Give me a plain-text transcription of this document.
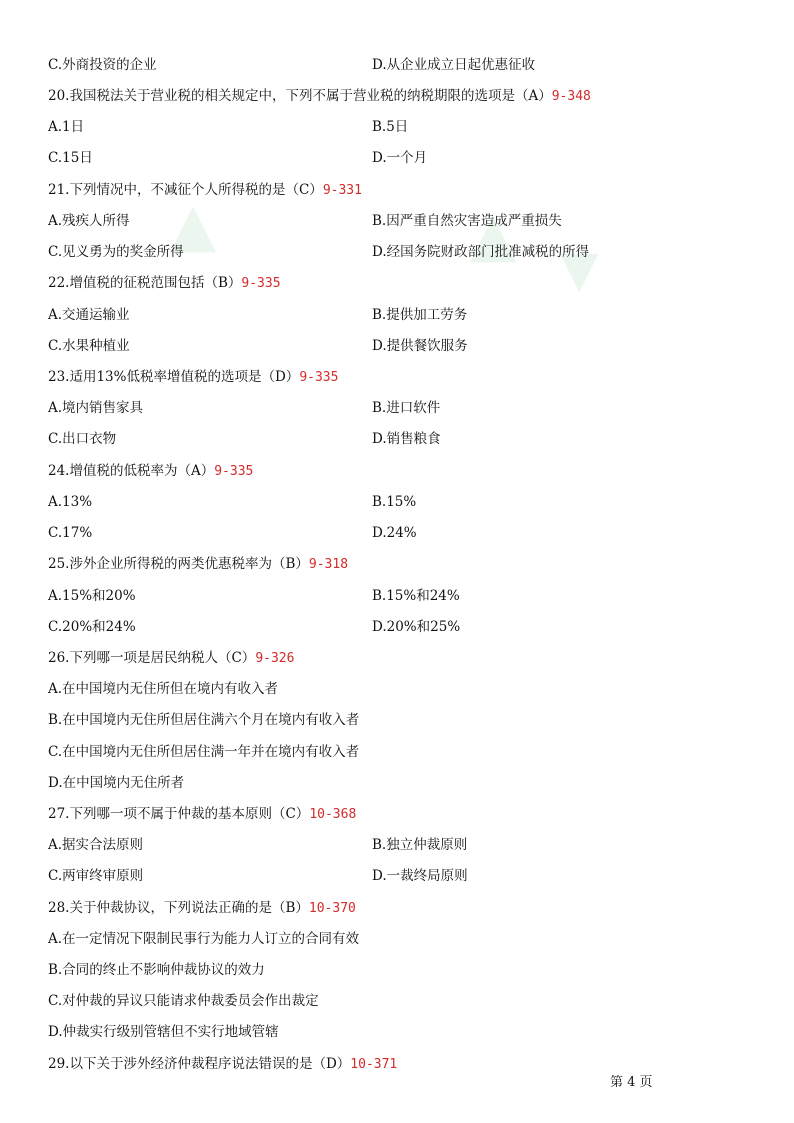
▲	▲ ▼
C.外商投资的企业	D.从企业成立日起优惠征收
20.我国税法关于营业税的相关规定中，下列不属于营业税的纳税期限的选项是（A）9-348
A.1日	B.5日
C.15日	D.一个月
21.下列情况中，不减征个人所得税的是（C）9-331
A.残疾人所得	B.因严重自然灾害造成严重损失
C.见义勇为的奖金所得	D.经国务院财政部门批准减税的所得
22.增值税的征税范围包括（B）9-335
A.交通运输业	B.提供加工劳务
C.水果种植业	D.提供餐饮服务
23.适用13%低税率增值税的选项是（D）9-335
A.境内销售家具	B.进口软件
C.出口衣物	D.销售粮食
24.增值税的低税率为（A）9-335
A.13%	B.15%
C.17%	D.24%
25.涉外企业所得税的两类优惠税率为（B）9-318
A.15%和20%	B.15%和24%
C.20%和24%	D.20%和25%
26.下列哪一项是居民纳税人（C）9-326
A.在中国境内无住所但在境内有收入者
B.在中国境内无住所但居住满六个月在境内有收入者
C.在中国境内无住所但居住满一年并在境内有收入者
D.在中国境内无住所者
27.下列哪一项不属于仲裁的基本原则（C）10-368
A.据实合法原则	B.独立仲裁原则
C.两审终审原则	D.一裁终局原则
28.关于仲裁协议，下列说法正确的是（B）10-370
A.在一定情况下限制民事行为能力人订立的合同有效
B.合同的终止不影响仲裁协议的效力
C.对仲裁的异议只能请求仲裁委员会作出裁定
D.仲裁实行级别管辖但不实行地域管辖
29.以下关于涉外经济仲裁程序说法错误的是（D）10-371
第 4 页
